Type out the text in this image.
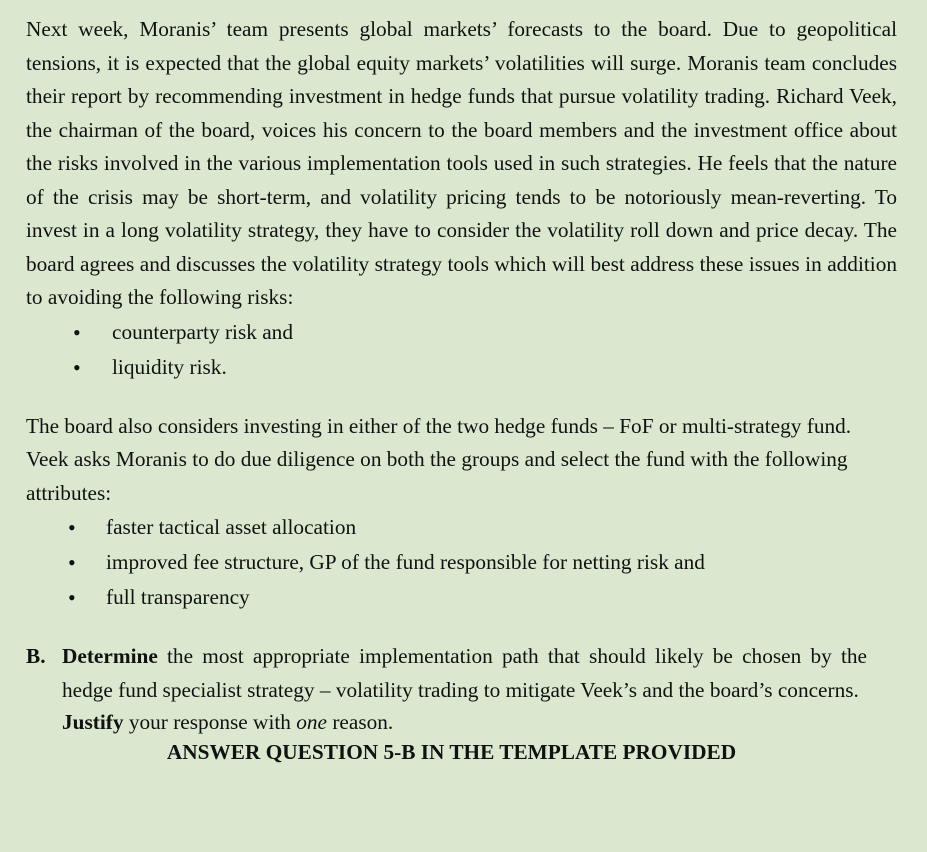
Next week, Moranis’ team presents global markets’ forecasts to the board. Due to geopolitical tensions, it is expected that the global equity markets’ volatilities will surge. Moranis team concludes their report by recommending investment in hedge funds that pursue volatility trading. Richard Veek, the chairman of the board, voices his concern to the board members and the investment office about the risks involved in the various implementation tools used in such strategies. He feels that the nature of the crisis may be short-term, and volatility pricing tends to be notoriously mean-reverting. To invest in a long volatility strategy, they have to consider the volatility roll down and price decay. The board agrees and discusses the volatility strategy tools which will best address these issues in addition to avoiding the following risks:

• counterparty risk and
• liquidity risk.

The board also considers investing in either of the two hedge funds – FoF or multi-strategy fund. Veek asks Moranis to do due diligence on both the groups and select the fund with the following attributes:

• faster tactical asset allocation
• improved fee structure, GP of the fund responsible for netting risk and
• full transparency
B. Determine the most appropriate implementation path that should likely be chosen by the hedge fund specialist strategy – volatility trading to mitigate Veek’s and the board’s concerns.

Justify your response with one reason.

ANSWER QUESTION 5-B IN THE TEMPLATE PROVIDED
